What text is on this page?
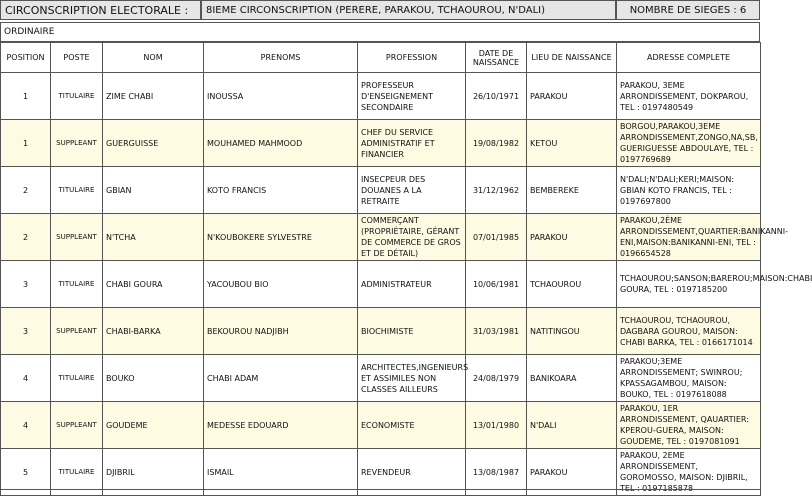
CIRCONSCRIPTION ELECTORALE :	8IEME CIRCONSCRIPTION (PERERE, PARAKOU, TCHAOUROU, N'DALI)	NOMBRE DE SIEGES : 6
ORDINAIRE
POSITION	POSTE	NOM	PRENOMS	PROFESSION	DATE DE NAISSANCE	LIEU DE NAISSANCE	ADRESSE COMPLETE
1	TITULAIRE	ZIME CHABI	INOUSSA	PROFESSEUR D'ENSEIGNEMENT SECONDAIRE	26/10/1971	PARAKOU	PARAKOU, 3EME ARRONDISSEMENT, DOKPAROU, TEL : 0197480549
1	SUPPLEANT	GUERGUISSE	MOUHAMED MAHMOOD	CHEF DU SERVICE ADMINISTRATIF ET FINANCIER	19/08/1982	KETOU	BORGOU,PARAKOU,3EME ARRONDISSEMENT,ZONGO,NA,SB, GUERIGUESSE ABDOULAYE, TEL : 0197769689
2	TITULAIRE	GBIAN	KOTO FRANCIS	INSECPEUR DES DOUANES A LA RETRAITE	31/12/1962	BEMBEREKE	N'DALI;N'DALI;KERI;MAISON: GBIAN KOTO FRANCIS, TEL : 0197697800
2	SUPPLEANT	N'TCHA	N'KOUBOKERE SYLVESTRE	COMMERÇANT (PROPRIÉTAIRE, GÉRANT DE COMMERCE DE GROS ET DE DÉTAIL)	07/01/1985	PARAKOU	PARAKOU,2ÈME ARRONDISSEMENT,QUARTIER:BANIKANNI-ENI,MAISON:BANIKANNI-ENI, TEL : 0196654528
3	TITULAIRE	CHABI GOURA	YACOUBOU BIO	ADMINISTRATEUR	10/06/1981	TCHAOUROU	TCHAOUROU;SANSON;BAREROU;MAISON:CHABI GOURA, TEL : 0197185200
3	SUPPLEANT	CHABI-BARKA	BEKOUROU NADJIBH	BIOCHIMISTE	31/03/1981	NATITINGOU	TCHAOUROU, TCHAOUROU, DAGBARA GOUROU, MAISON: CHABI BARKA, TEL : 0166171014
4	TITULAIRE	BOUKO	CHABI ADAM	ARCHITECTES,INGENIEURS ET ASSIMILES NON CLASSES AILLEURS	24/08/1979	BANIKOARA	PARAKOU;3EME ARRONDISSEMENT; SWINROU; KPASSAGAMBOU, MAISON: BOUKO, TEL : 0197618088
4	SUPPLEANT	GOUDEME	MEDESSE EDOUARD	ECONOMISTE	13/01/1980	N'DALI	PARAKOU, 1ER ARRONDISSEMENT, QAUARTIER: KPEROU-GUERA, MAISON: GOUDEME, TEL : 0197081091
5	TITULAIRE	DJIBRIL	ISMAIL	REVENDEUR	13/08/1987	PARAKOU	PARAKOU, 2EME ARRONDISSEMENT, GOROMOSSO, MAISON: DJIBRIL, TEL : 0197185878
